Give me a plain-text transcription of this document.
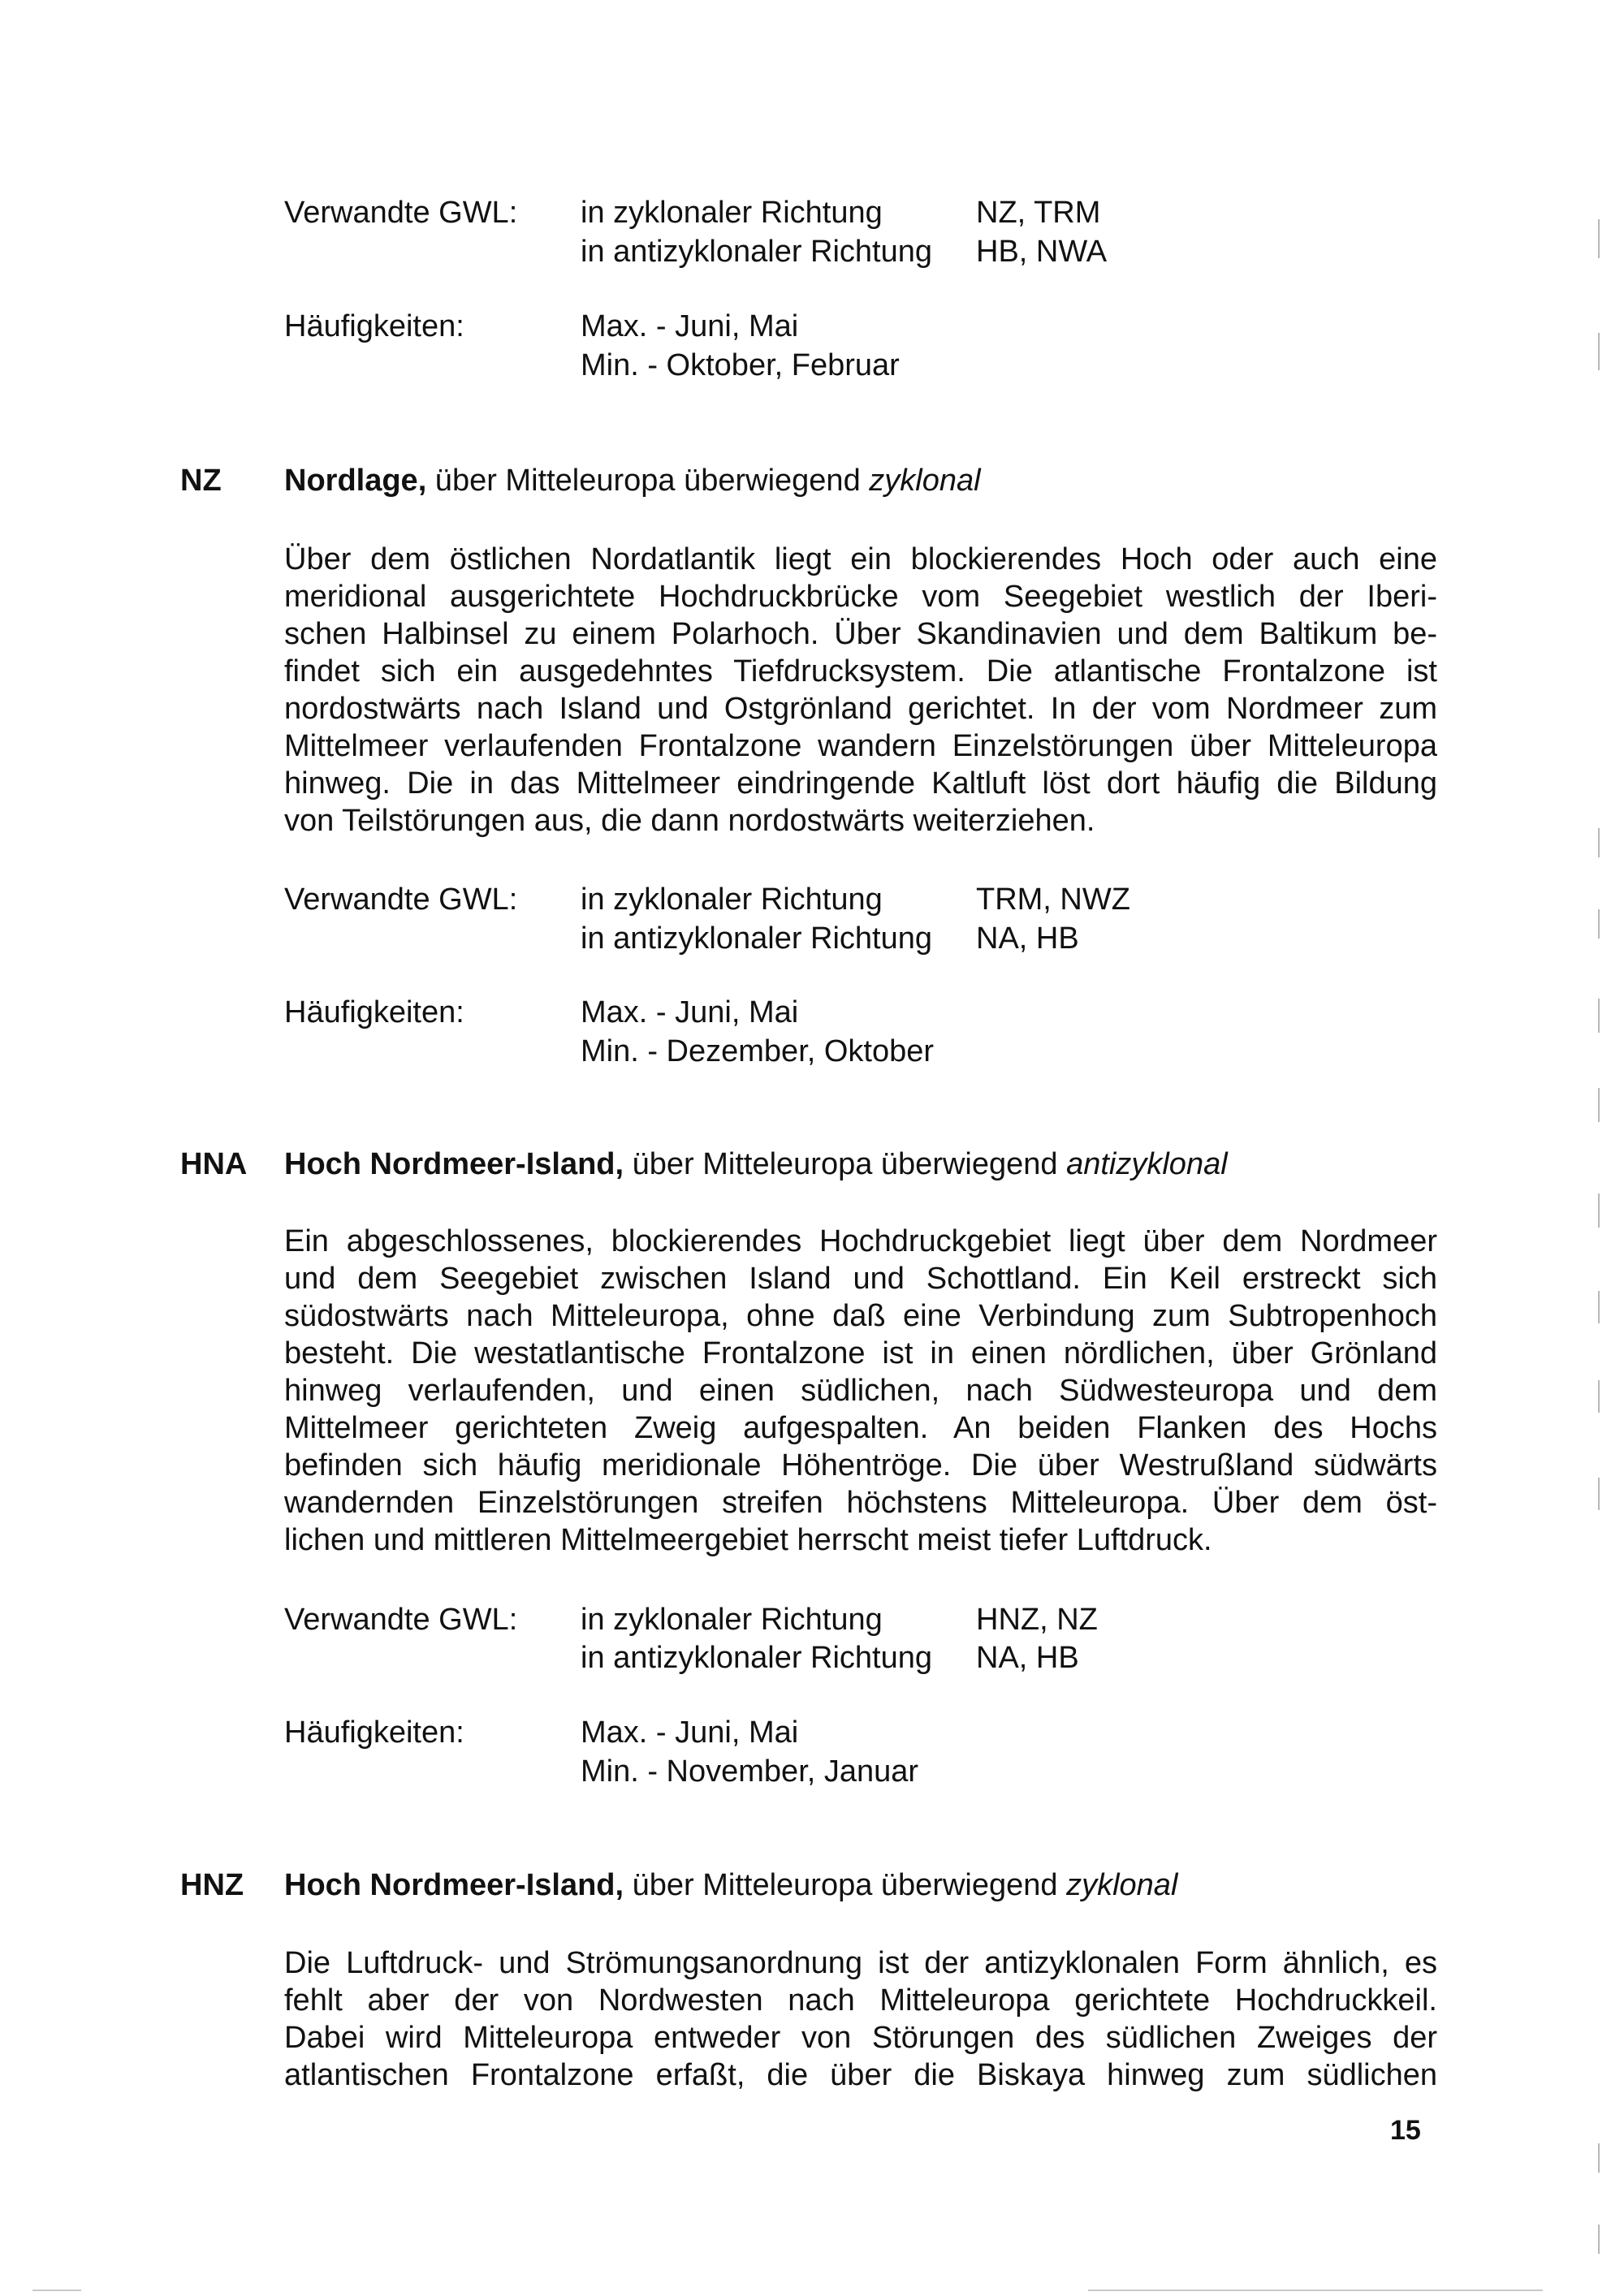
Verwandte GWL: in zyklonaler Richtung	NZ, TRM
in antizyklonaler Richtung HB, NWA
Häufigkeiten:	Max. - Juni, Mai
Min. - Oktober, Februar
NZ Nordlage, über Mitteleuropa überwiegend zyklonal
Über dem östlichen Nordatlantik liegt ein blockierendes Hoch oder auch eine
meridional ausgerichtete Hochdruckbrücke vom Seegebiet westlich der Iberi-
schen Halbinsel zu einem Polarhoch. Über Skandinavien und dem Baltikum be-
findet sich ein ausgedehntes Tiefdrucksystem. Die atlantische Frontalzone ist
nordostwärts nach Island und Ostgrönland gerichtet. In der vom Nordmeer zum
Mittelmeer verlaufenden Frontalzone wandern Einzelstörungen über Mitteleuropa
hinweg. Die in das Mittelmeer eindringende Kaltluft löst dort häufig die Bildung
von Teilstörungen aus, die dann nordostwärts weiterziehen.
Verwandte GWL: in zyklonaler Richtung	TRM, NWZ
in antizyklonaler Richtung NA, HB
Häufigkeiten:	Max. - Juni, Mai
Min. - Dezember, Oktober
HNA Hoch Nordmeer-Island, über Mitteleuropa überwiegend antizyklonal
Ein abgeschlossenes, blockierendes Hochdruckgebiet liegt über dem Nordmeer
und dem Seegebiet zwischen Island und Schottland. Ein Keil erstreckt sich
südostwärts nach Mitteleuropa, ohne daß eine Verbindung zum Subtropenhoch
besteht. Die westatlantische Frontalzone ist in einen nördlichen, über Grönland
hinweg verlaufenden, und einen südlichen, nach Südwesteuropa und dem
Mittelmeer gerichteten Zweig aufgespalten. An beiden Flanken des Hochs
befinden sich häufig meridionale Höhentröge. Die über Westrußland südwärts
wandernden Einzelstörungen streifen höchstens Mitteleuropa. Über dem öst-
lichen und mittleren Mittelmeergebiet herrscht meist tiefer Luftdruck.
Verwandte GWL: in zyklonaler Richtung	HNZ, NZ
in antizyklonaler Richtung NA, HB
Häufigkeiten:	Max. - Juni, Mai
Min. - November, Januar
HNZ Hoch Nordmeer-Island, über Mitteleuropa überwiegend zyklonal
Die Luftdruck- und Strömungsanordnung ist der antizyklonalen Form ähnlich, es
fehlt aber der von Nordwesten nach Mitteleuropa gerichtete Hochdruckkeil.
Dabei wird Mitteleuropa entweder von Störungen des südlichen Zweiges der
atlantischen Frontalzone erfaßt, die über die Biskaya hinweg zum südlichen
15
